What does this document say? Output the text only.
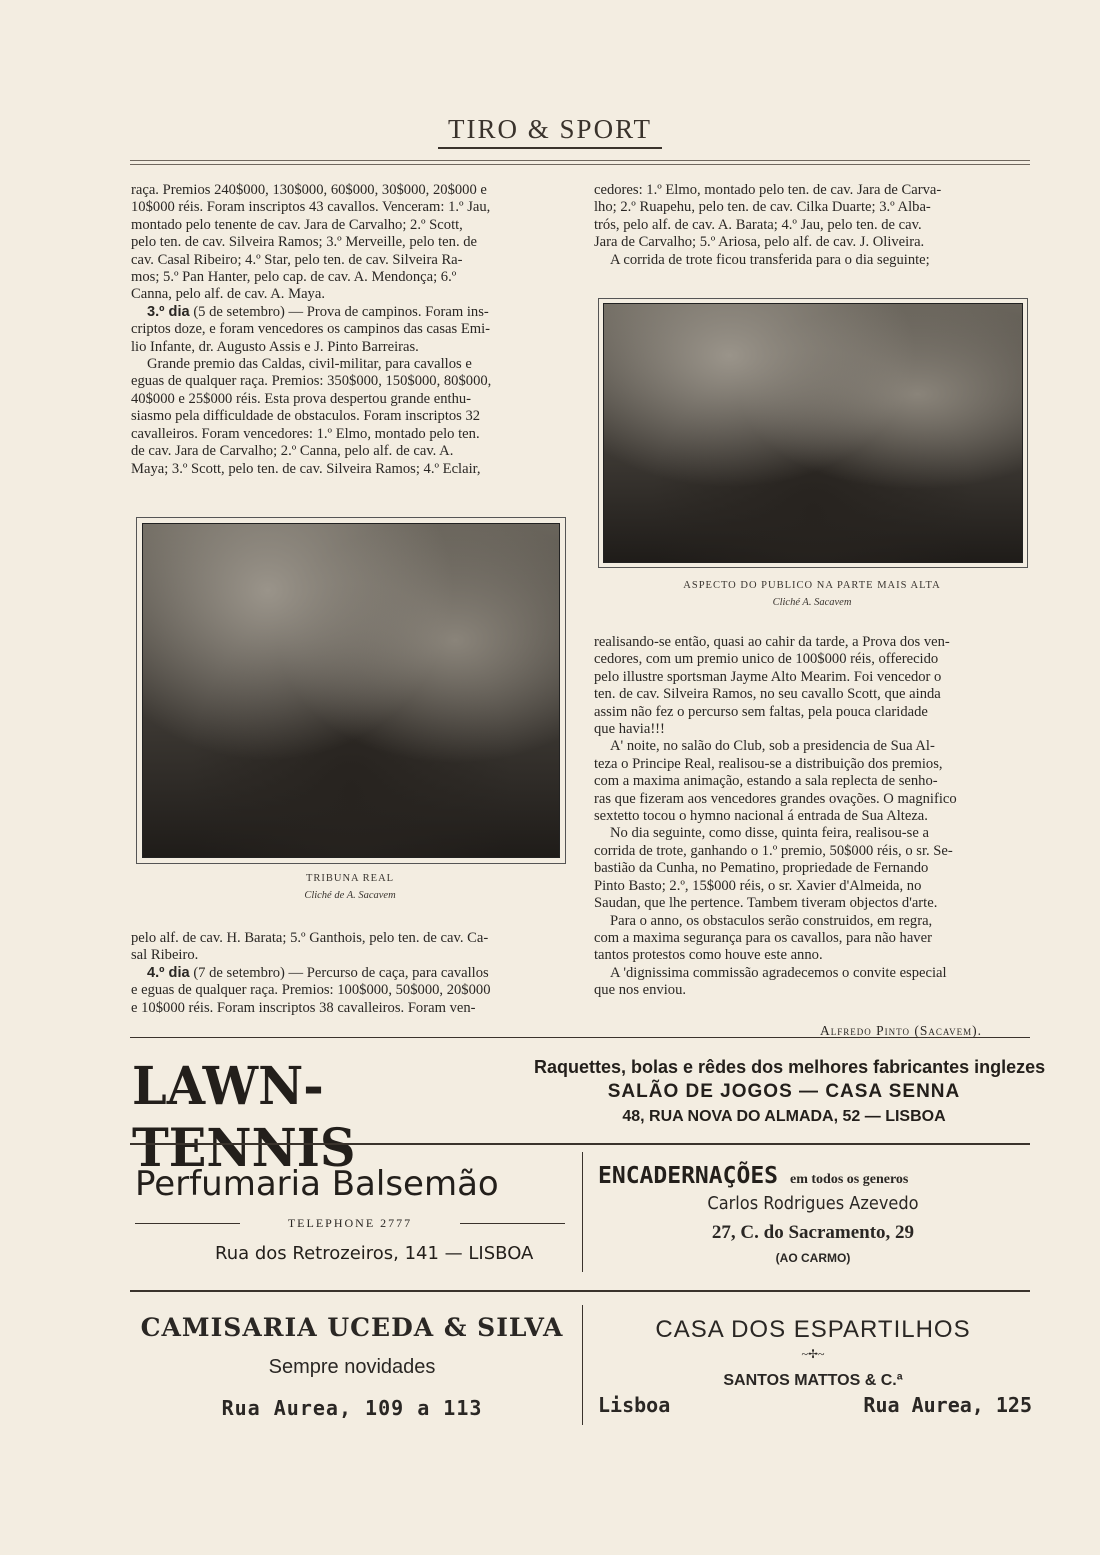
TIRO & SPORT

raça. Premios 240$000, 130$000, 60$000, 30$000, 20$000 e

10$000 réis. Foram inscriptos 43 cavallos. Venceram: 1.º Jau,

montado pelo tenente de cav. Jara de Carvalho; 2.º Scott,

pelo ten. de cav. Silveira Ramos; 3.º Merveille, pelo ten. de

cav. Casal Ribeiro; 4.º Star, pelo ten. de cav. Silveira Ra-

mos; 5.º Pan Hanter, pelo cap. de cav. A. Mendonça; 6.º

Canna, pelo alf. de cav. A. Maya.

3.º dia (5 de setembro) — Prova de campinos. Foram ins-

criptos doze, e foram vencedores os campinos das casas Emi-

lio Infante, dr. Augusto Assis e J. Pinto Barreiras.

Grande premio das Caldas, civil-militar, para cavallos e

eguas de qualquer raça. Premios: 350$000, 150$000, 80$000,

40$000 e 25$000 réis. Esta prova despertou grande enthu-

siasmo pela difficuldade de obstaculos. Foram inscriptos 32

cavalleiros. Foram vencedores: 1.º Elmo, montado pelo ten.

de cav. Jara de Carvalho; 2.º Canna, pelo alf. de cav. A.

Maya; 3.º Scott, pelo ten. de cav. Silveira Ramos; 4.º Eclair,

cedores: 1.º Elmo, montado pelo ten. de cav. Jara de Carva-

lho; 2.º Ruapehu, pelo ten. de cav. Cilka Duarte; 3.º Alba-

trós, pelo alf. de cav. A. Barata; 4.º Jau, pelo ten. de cav.

Jara de Carvalho; 5.º Ariosa, pelo alf. de cav. J. Oliveira.

A corrida de trote ficou transferida para o dia seguinte;

ASPECTO DO PUBLICO NA PARTE MAIS ALTA
Cliché A. Sacavem
TRIBUNA REAL
Cliché de A. Sacavem

pelo alf. de cav. H. Barata; 5.º Ganthois, pelo ten. de cav. Ca-

sal Ribeiro.

4.º dia (7 de setembro) — Percurso de caça, para cavallos

e eguas de qualquer raça. Premios: 100$000, 50$000, 20$000

e 10$000 réis. Foram inscriptos 38 cavalleiros. Foram ven-

realisando-se então, quasi ao cahir da tarde, a Prova dos ven-

cedores, com um premio unico de 100$000 réis, offerecido

pelo illustre sportsman Jayme Alto Mearim. Foi vencedor o

ten. de cav. Silveira Ramos, no seu cavallo Scott, que ainda

assim não fez o percurso sem faltas, pela pouca claridade

que havia!!!

A' noite, no salão do Club, sob a presidencia de Sua Al-

teza o Principe Real, realisou-se a distribuição dos premios,

com a maxima animação, estando a sala replecta de senho-

ras que fizeram aos vencedores grandes ovações. O magnifico

sextetto tocou o hymno nacional á entrada de Sua Alteza.

No dia seguinte, como disse, quinta feira, realisou-se a

corrida de trote, ganhando o 1.º premio, 50$000 réis, o sr. Se-

bastião da Cunha, no Pematino, propriedade de Fernando

Pinto Basto; 2.º, 15$000 réis, o sr. Xavier d'Almeida, no

Saudan, que lhe pertence. Tambem tiveram objectos d'arte.

Para o anno, os obstaculos serão construidos, em regra,

com a maxima segurança para os cavallos, para não haver

tantos protestos como houve este anno.

A 'dignissima commissão agradecemos o convite especial

que nos enviou.

Alfredo Pinto (Sacavem).
LAWN-TENNIS
Raquettes, bolas e rêdes dos melhores fabricantes inglezes
SALÃO DE JOGOS — CASA SENNA
48, RUA NOVA DO ALMADA, 52 — LISBOA
Perfumaria Balsemão
TELEPHONE 2777
Rua dos Retrozeiros, 141 — LISBOA
ENCADERNAÇÕES em todos os generos
Carlos Rodrigues Azevedo
27, C. do Sacramento, 29
(AO CARMO)
CAMISARIA UCEDA & SILVA
Sempre novidades
Rua Aurea, 109 a 113
CASA DOS ESPARTILHOS
~✢~
SANTOS MATTOS & C.ª
Lisboa	Rua Aurea, 125
